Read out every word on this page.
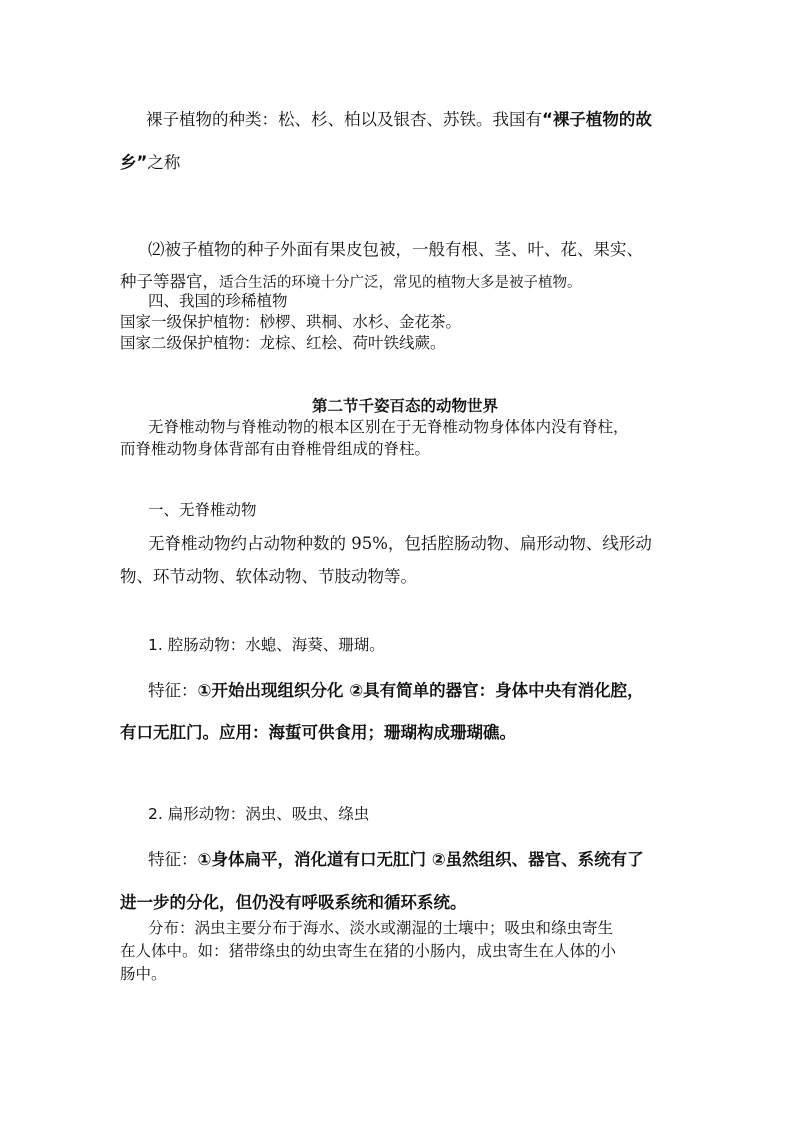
裸子植物的种类：松、杉、柏以及银杏、苏铁。我国有“裸子植物的故

乡”之称

⑵被子植物的种子外面有果皮包被，一般有根、茎、叶、花、果实、

种子等器官，适合生活的环境十分广泛，常见的植物大多是被子植物。

四、我国的珍稀植物

国家一级保护植物：桫椤、珙桐、水杉、金花茶。

国家二级保护植物：龙棕、红桧、荷叶铁线蕨。

第二节千姿百态的动物世界

无脊椎动物与脊椎动物的根本区别在于无脊椎动物身体体内没有脊柱，

而脊椎动物身体背部有由脊椎骨组成的脊柱。

一、无脊椎动物

无脊椎动物约占动物种数的 95%，包括腔肠动物、扁形动物、线形动

物、环节动物、软体动物、节肢动物等。

1. 腔肠动物：水螅、海葵、珊瑚。

特征：①开始出现组织分化 ②具有简单的器官：身体中央有消化腔，

有口无肛门。应用：海蜇可供食用；珊瑚构成珊瑚礁。

2. 扁形动物：涡虫、吸虫、绦虫

特征：①身体扁平，消化道有口无肛门 ②虽然组织、器官、系统有了

进一步的分化，但仍没有呼吸系统和循环系统。

分布：涡虫主要分布于海水、淡水或潮湿的土壤中；吸虫和绦虫寄生

在人体中。如：猪带绦虫的幼虫寄生在猪的小肠内，成虫寄生在人体的小

肠中。
